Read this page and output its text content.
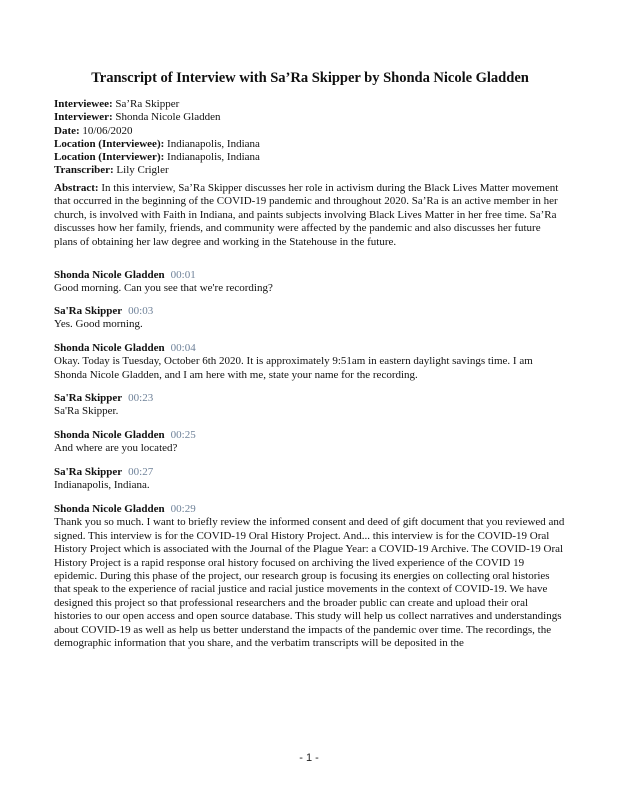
Transcript of Interview with Sa’Ra Skipper by Shonda Nicole Gladden
Interviewee: Sa’Ra Skipper
Interviewer: Shonda Nicole Gladden
Date: 10/06/2020
Location (Interviewee): Indianapolis, Indiana
Location (Interviewer): Indianapolis, Indiana
Transcriber: Lily Crigler

Abstract: In this interview, Sa’Ra Skipper discusses her role in activism during the Black Lives Matter movement that occurred in the beginning of the COVID-19 pandemic and throughout 2020. Sa’Ra is an active member in her church, is involved with Faith in Indiana, and paints subjects involving Black Lives Matter in her free time. Sa’Ra discusses how her family, friends, and community were affected by the pandemic and also discusses her future plans of obtaining her law degree and working in the Statehouse in the future.

Shonda Nicole Gladden 00:01

Good morning. Can you see that we're recording?

Sa'Ra Skipper 00:03

Yes. Good morning.

Shonda Nicole Gladden 00:04

Okay. Today is Tuesday, October 6th 2020. It is approximately 9:51am in eastern daylight savings time. I am Shonda Nicole Gladden, and I am here with me, state your name for the recording.

Sa'Ra Skipper 00:23

Sa'Ra Skipper.

Shonda Nicole Gladden 00:25

And where are you located?

Sa'Ra Skipper 00:27

Indianapolis, Indiana.

Shonda Nicole Gladden 00:29

Thank you so much. I want to briefly review the informed consent and deed of gift document that you reviewed and signed. This interview is for the COVID-19 Oral History Project. And... this interview is for the COVID-19 Oral History Project which is associated with the Journal of the Plague Year: a COVID-19 Archive. The COVID-19 Oral History Project is a rapid response oral history focused on archiving the lived experience of the COVID 19 epidemic. During this phase of the project, our research group is focusing its energies on collecting oral histories that speak to the experience of racial justice and racial justice movements in the context of COVID-19. We have designed this project so that professional researchers and the broader public can create and upload their oral histories to our open access and open source database. This study will help us collect narratives and understandings about COVID-19 as well as help us better understand the impacts of the pandemic over time. The recordings, the demographic information that you share, and the verbatim transcripts will be deposited in the

- 1 -
